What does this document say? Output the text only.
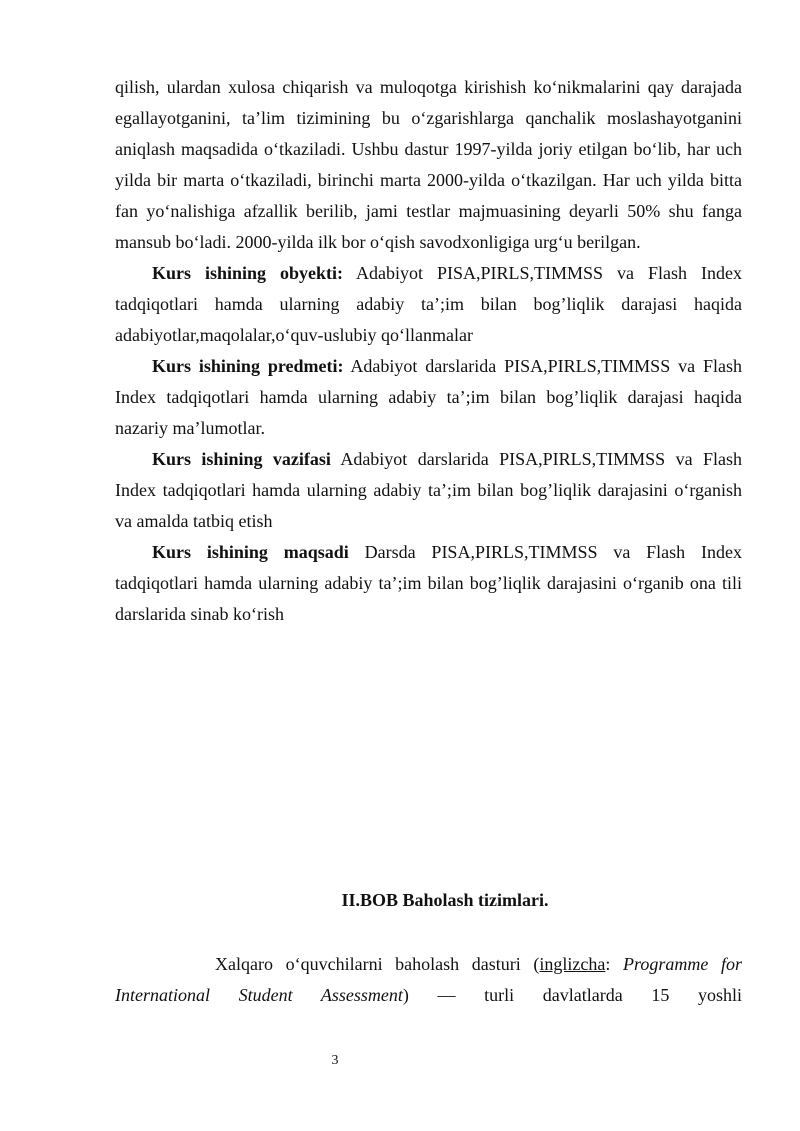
qilish, ulardan xulosa chiqarish va muloqotga kirishish ko‘nikmalarini qay darajada egallayotganini, ta’lim tizimining bu o‘zgarishlarga qanchalik moslashayotganini aniqlash maqsadida o‘tkaziladi. Ushbu dastur 1997-yilda joriy etilgan bo‘lib, har uch yilda bir marta o‘tkaziladi, birinchi marta 2000-yilda o‘tkazilgan. Har uch yilda bitta fan yo‘nalishiga afzallik berilib, jami testlar majmuasining deyarli 50% shu fanga mansub bo‘ladi. 2000-yilda ilk bor o‘qish savodxonligiga urg‘u berilgan.

Kurs ishining obyekti: Adabiyot PISA,PIRLS,TIMMSS va Flash Index tadqiqotlari hamda ularning adabiy ta’;im bilan bog’liqlik darajasi haqida adabiyotlar,maqolalar,o‘quv-uslubiy qo‘llanmalar

Kurs ishining predmeti: Adabiyot darslarida PISA,PIRLS,TIMMSS va Flash Index tadqiqotlari hamda ularning adabiy ta’;im bilan bog’liqlik darajasi haqida nazariy ma’lumotlar.

Kurs ishining vazifasi Adabiyot darslarida PISA,PIRLS,TIMMSS va Flash Index tadqiqotlari hamda ularning adabiy ta’;im bilan bog’liqlik darajasini o‘rganish va amalda tatbiq etish

Kurs ishining maqsadi Darsda PISA,PIRLS,TIMMSS va Flash Index tadqiqotlari hamda ularning adabiy ta’;im bilan bog’liqlik darajasini o‘rganib ona tili darslarida sinab ko‘rish

II.BOB Baholash tizimlari.

Xalqaro o‘quvchilarni baholash dasturi (inglizcha: Programme for

International Student Assessment) — turli davlatlarda 15 yoshli

3
